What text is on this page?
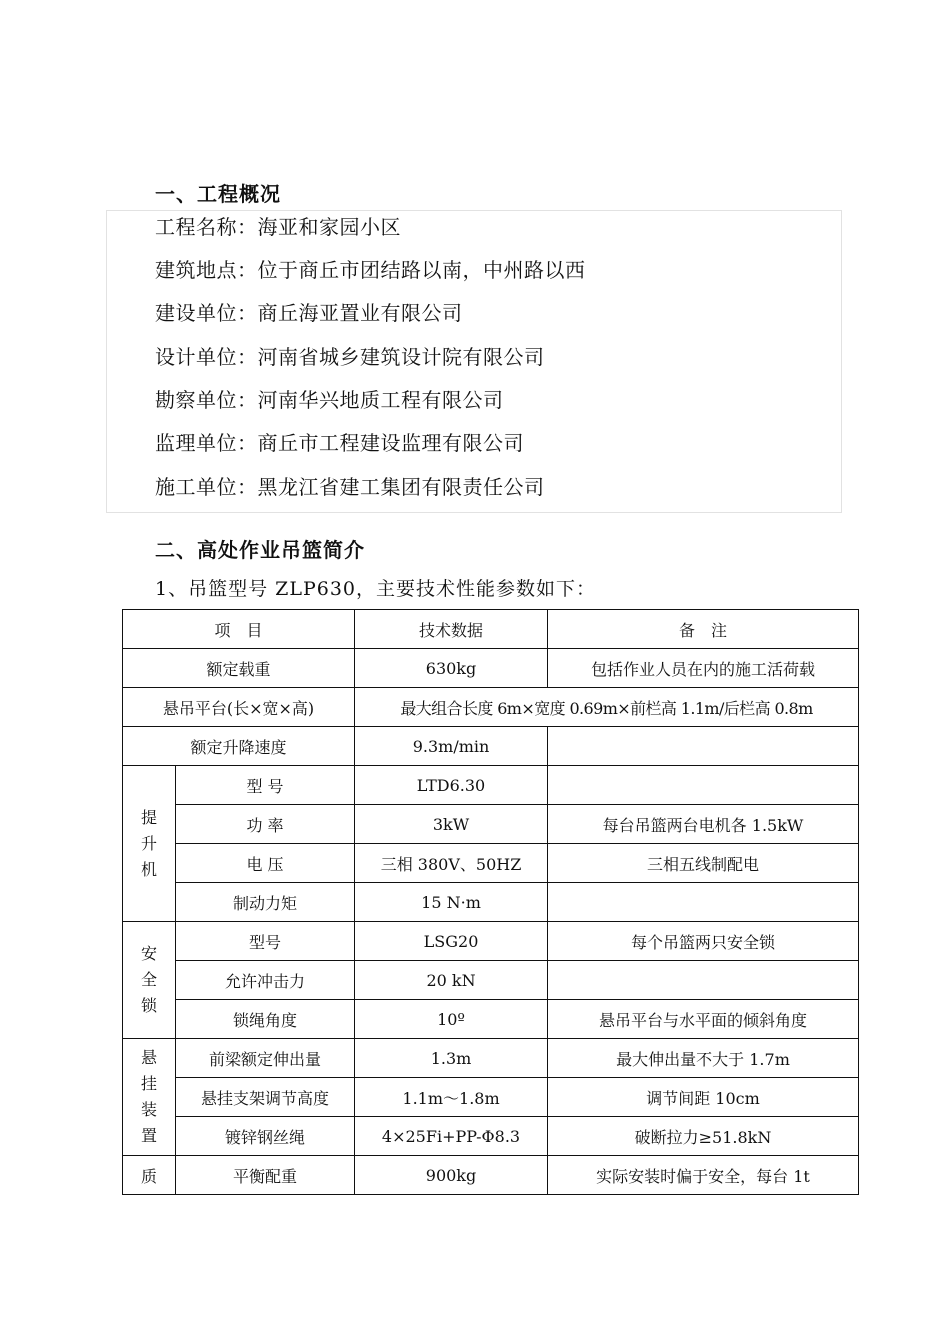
一、工程概况
工程名称：海亚和家园小区
建筑地点：位于商丘市团结路以南，中州路以西
建设单位：商丘海亚置业有限公司
设计单位：河南省城乡建筑设计院有限公司
勘察单位：河南华兴地质工程有限公司
监理单位：商丘市工程建设监理有限公司
施工单位：黑龙江省建工集团有限责任公司
二、高处作业吊篮简介
1、吊篮型号 ZLP630，主要技术性能参数如下：
项　目		技术数据	备　注
额定载重		630kg	包括作业人员在内的施工活荷载
悬吊平台(长×宽×高)		最大组合长度 6m×宽度 0.69m×前栏高 1.1m/后栏高 0.8m	
额定升降速度		9.3m/min	
提升机	型 号	LTD6.30	
	功 率	3kW	每台吊篮两台电机各 1.5kW
	电 压	三相 380V、50HZ	三相五线制配电
	制动力矩	15 N·m	
安全锁	型号	LSG20	每个吊篮两只安全锁
	允许冲击力	20 kN	
	锁绳角度	10º	悬吊平台与水平面的倾斜角度
悬挂装置	前梁额定伸出量	1.3m	最大伸出量不大于 1.7m
	悬挂支架调节高度	1.1m～1.8m	调节间距 10cm
	镀锌钢丝绳	4×25Fi+PP-Φ8.3	破断拉力≥51.8kN
质	平衡配重	900kg	实际安装时偏于安全，每台 1t
